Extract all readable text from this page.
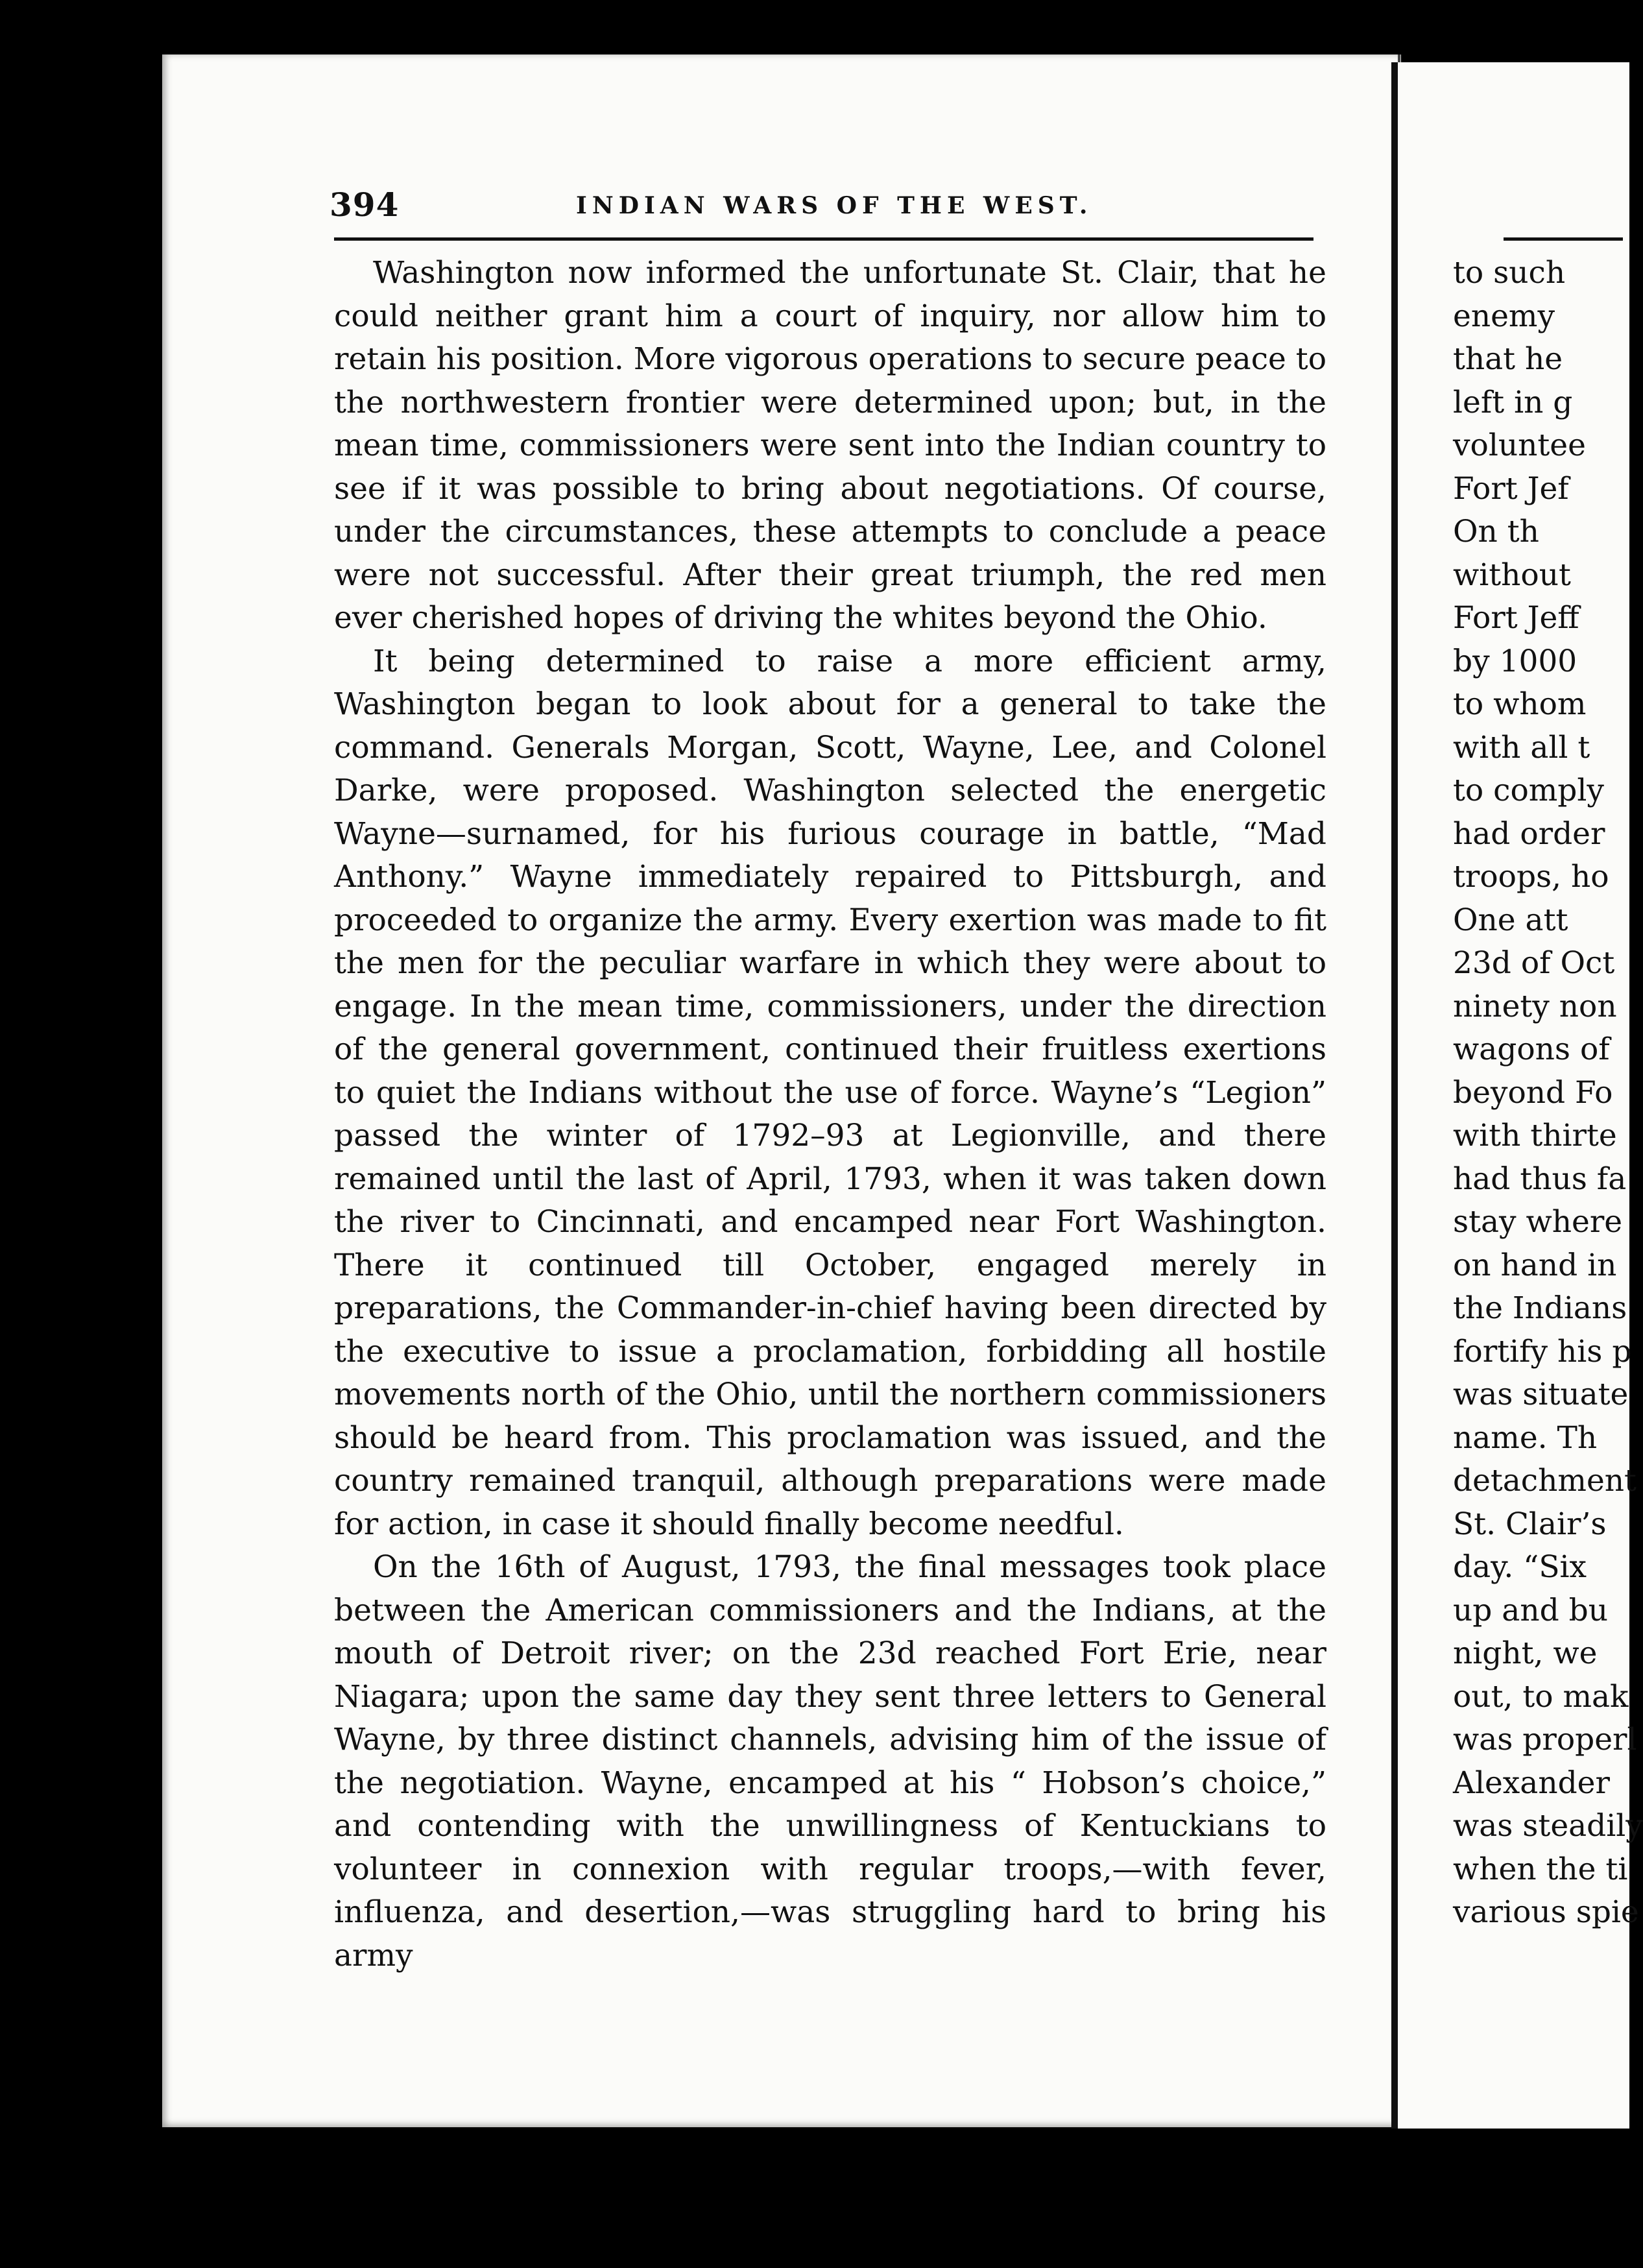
394	INDIAN WARS OF THE WEST.

Washington now informed the unfortunate St. Clair, that he could neither grant him a court of inquiry, nor allow him to retain his position. More vigorous operations to secure peace to the northwestern frontier were determined upon; but, in the mean time, commissioners were sent into the Indian country to see if it was possible to bring about negotiations. Of course, under the circumstances, these attempts to conclude a peace were not successful. After their great triumph, the red men ever cherished hopes of driving the whites beyond the Ohio.

It being determined to raise a more efficient army, Washington began to look about for a general to take the command. Generals Morgan, Scott, Wayne, Lee, and Colonel Darke, were proposed. Washington selected the energetic Wayne—surnamed, for his furious courage in battle, “Mad Anthony.” Wayne immediately repaired to Pittsburgh, and proceeded to organize the army. Every exertion was made to fit the men for the peculiar warfare in which they were about to engage. In the mean time, commissioners, under the direction of the general government, continued their fruitless exertions to quiet the Indians without the use of force. Wayne’s “Legion” passed the winter of 1792–93 at Legionville, and there remained until the last of April, 1793, when it was taken down the river to Cincinnati, and encamped near Fort Washington. There it continued till October, engaged merely in preparations, the Commander-in-chief having been directed by the executive to issue a proclamation, forbidding all hostile movements north of the Ohio, until the northern commissioners should be heard from. This proclamation was issued, and the country remained tranquil, although preparations were made for action, in case it should finally become needful.

On the 16th of August, 1793, the final messages took place between the American commissioners and the Indians, at the mouth of Detroit river; on the 23d reached Fort Erie, near Niagara; upon the same day they sent three letters to General Wayne, by three distinct channels, advising him of the issue of the negotiation. Wayne, encamped at his “ Hobson’s choice,” and contending with the unwillingness of Kentuckians to volunteer in connexion with regular troops,—with fever, influenza, and desertion,—was struggling hard to bring his army

to such
enemy
that he
left in g
voluntee
Fort Jef
On th
without
Fort Jeff
by 1000
to whom
with all t
to comply
had order
troops, ho
One att
23d of Oct
ninety non
wagons of
beyond Fo
with thirte
had thus fa
stay where
on hand in
the Indians
fortify his p
was situate
name. Th
detachment
St. Clair’s
day. “Six
up and bu
night, we
out, to mak
was properl
Alexander
was steadily
when the ti
various spie
